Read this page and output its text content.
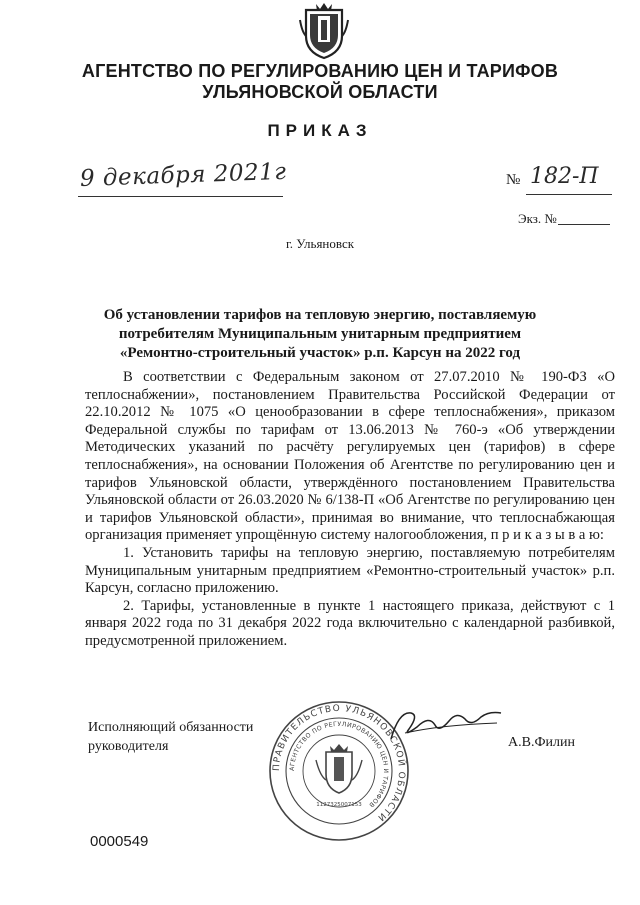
АГЕНТСТВО ПО РЕГУЛИРОВАНИЮ ЦЕН И ТАРИФОВ
УЛЬЯНОВСКОЙ ОБЛАСТИ
ПРИКАЗ
9 декабря 2021г	№ 182-П
Экз. №
г. Ульяновск
Об установлении тарифов на тепловую энергию, поставляемую
потребителям Муниципальным унитарным предприятием
«Ремонтно-строительный участок» р.п. Карсун на 2022 год

В соответствии с Федеральным законом от 27.07.2010 № 190-ФЗ «О теплоснабжении», постановлением Правительства Российской Федерации от 22.10.2012 № 1075 «О ценообразовании в сфере теплоснабжения», приказом Федеральной службы по тарифам от 13.06.2013 № 760-э «Об утверждении Методических указаний по расчёту регулируемых цен (тарифов) в сфере теплоснабжения», на основании Положения об Агентстве по регулированию цен и тарифов Ульяновской области, утверждённого постановлением Правительства Ульяновской области от 26.03.2020 № 6/138-П «Об Агентстве по регулированию цен и тарифов Ульяновской области», принимая во внимание, что теплоснабжающая организация применяет упрощённую систему налогообложения, п р и к а з ы в а ю:

1. Установить тарифы на тепловую энергию, поставляемую потребителям Муниципальным унитарным предприятием «Ремонтно-строительный участок» р.п. Карсун, согласно приложению.

2. Тарифы, установленные в пункте 1 настоящего приказа, действуют с 1 января 2022 года по 31 декабря 2022 года включительно с календарной разбивкой, предусмотренной приложением.

Исполняющий обязанности
руководителя
ПРАВИТЕЛЬСТВО УЛЬЯНОВСКОЙ ОБЛАСТИ
АГЕНТСТВО ПО РЕГУЛИРОВАНИЮ ЦЕН И ТАРИФОВ
1127325007153
А.В.Филин
0000549
